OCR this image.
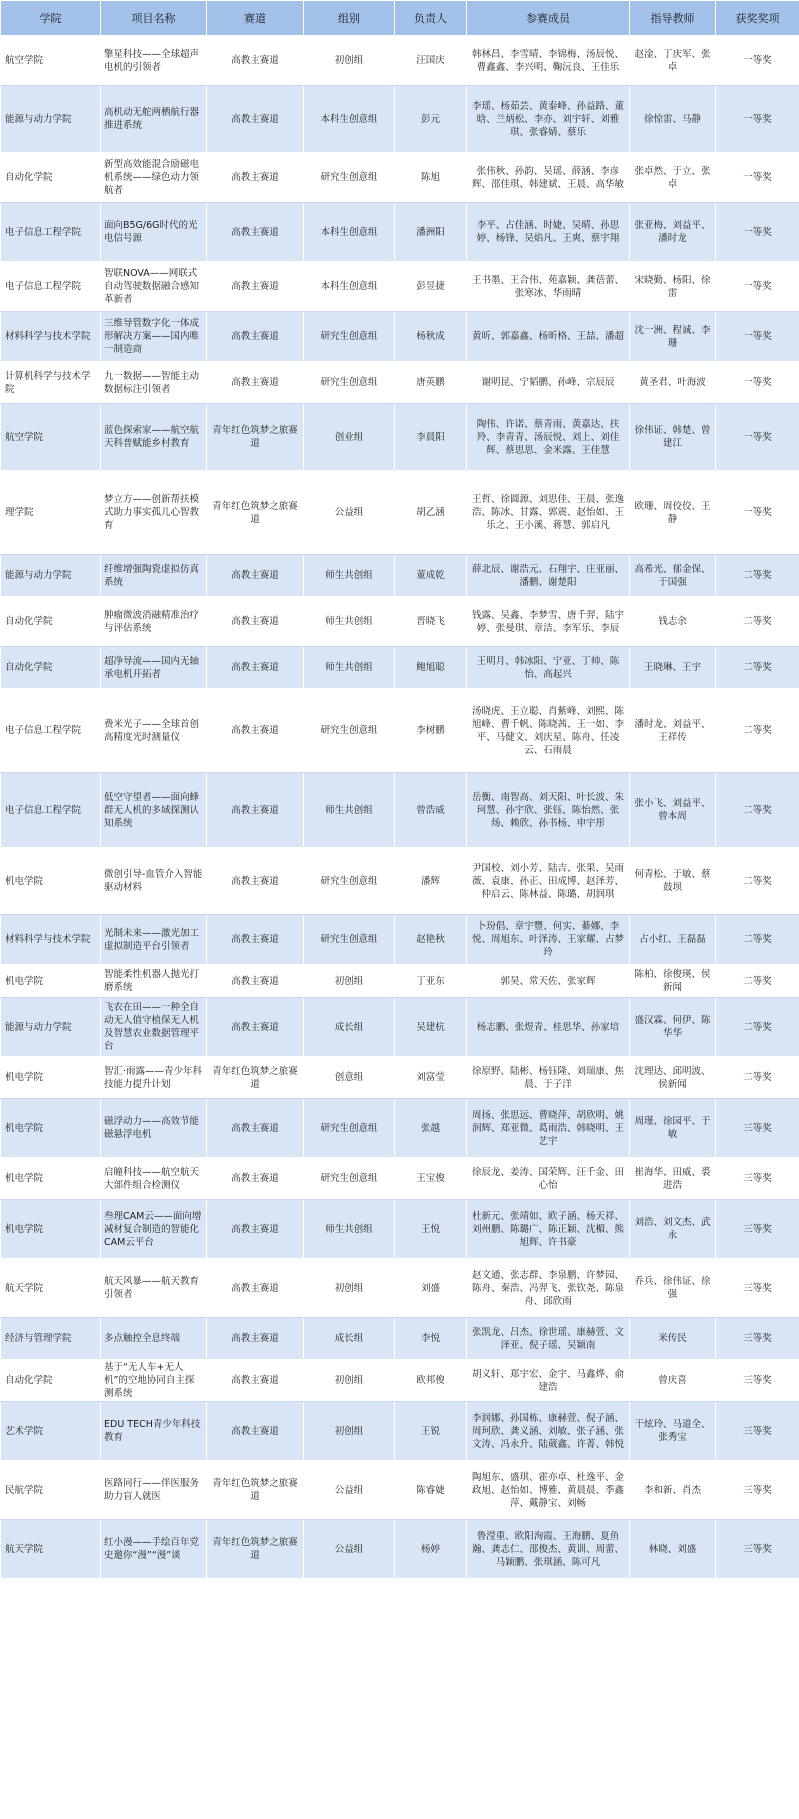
学院	项目名称	赛道	组别	负责人	参赛成员	指导教师	获奖奖项
航空学院	擎星科技——全球超声电机的引领者	高教主赛道	初创组	汪国庆	韩林昌、李雪晴、李锦梅、汤辰悦、曹鑫鑫、李兴明、鞠沅良、王佳乐	赵淦、丁庆军、张卓	一等奖
能源与动力学院	高机动无舵两栖航行器推进系统	高教主赛道	本科生创意组	彭元	李瑶、杨茹芸、黄泰峰、孙益路、董晗、兰炳松、李亦、刘宇轩、刘雅琪、张睿婧、蔡乐	徐惊雷、马静	一等奖
自动化学院	新型高效能混合励磁电机系统——绿色动力领航者	高教主赛道	研究生创意组	陈旭	张伟秋、孙韵、吴瑶、薛涵、李彦辉、邵佳琪、韩建斌、王晨、高华敏	张卓然、于立、张卓	一等奖
电子信息工程学院	面向B5G/6G时代的光电信号源	高教主赛道	本科生创意组	潘洲阳	李平、占佳涵、时婕、吴晴、孙思婷、杨锋、吴焰凡、王爽、蔡宇翔	张亚梅、刘益平、潘时龙	一等奖
电子信息工程学院	智联NOVA——网联式自动驾驶数据融合感知革新者	高教主赛道	本科生创意组	彭昱捷	王书墨、王合伟、苑嘉颖、龚蓓蕾、张寒冰、华雨晴	宋晓勤、杨阳、徐雷	一等奖
材料科学与技术学院	三维导管数字化一体成形解决方案——国内唯一制造商	高教主赛道	研究生创意组	杨秋成	黄昕、郭嘉鑫、杨昕格、王喆、潘超	沈一洲、程诚、李珊	一等奖
计算机科学与技术学院	九一数据——智能主动数据标注引领者	高教主赛道	研究生创意组	唐英鹏	谢明昆、宁韬鹏、孙峰、宗辰辰	黄圣君、叶海波	一等奖
航空学院	蓝色探索家——航空航天科普赋能乡村教育	青年红色筑梦之旅赛道	创业组	李晨阳	陶伟、许诺、蔡青雨、黄嘉达、扶羚、李青青、汤辰悦、刘上、刘佳辉、蔡思思、金米露、王佳慧	徐伟证、韩楚、曾建江	一等奖
理学院	梦立方——创新帮扶模式助力事实孤儿心智教育	青年红色筑梦之旅赛道	公益组	胡乙涵	王哲、徐圆源、刘思佳、王晨、张逸浩、陈冰、甘露、郭震、赵怡如、王乐之、王小溪、蒋慧、郭启凡	欧珊、周佼佼、王静	一等奖
能源与动力学院	纤维增强陶瓷虚拟仿真系统	高教主赛道	师生共创组	董成乾	薛北辰、谢浩元、石翔宇、庄亚丽、潘鹏、谢楚阳	高希光、郁金保、于国强	二等奖
自动化学院	肿瘤微波消融精准治疗与评估系统	高教主赛道	师生共创组	晋晓飞	钱露、吴鑫、李梦雪、唐千羿、陆宇婷、张曼琪、章洁、李军乐、李辰	钱志余	二等奖
自动化学院	超净导流——国内无轴承电机开拓者	高教主赛道	师生共创组	鲍旭聪	王明月、韩冰阳、宁亚、丁帅、陈怡、高起兴	王晓琳、王宇	二等奖
电子信息工程学院	费米光子——全球首创高精度光时测量仪	高教主赛道	研究生创意组	李树鹏	汤晓虎、王立聪、肖紫峰、刘熙、陈旭峰、曹千帆、陈晓茜、王一如、李平、马健文、刘庆星、陈舟、任凌云、石雨晨	潘时龙、刘益平、王祥传	二等奖
电子信息工程学院	低空守望者——面向蜂群无人机的多域探测认知系统	高教主赛道	师生共创组	曾浩威	岳衡、南智高、刘天阳、叶长波、朱珂慧、孙宇欣、张钰、陈怡然、张炀、赖欣、孙书杨、申宇彤	张小飞、刘益平、曾本周	二等奖
机电学院	微创引导-血管介入智能驱动材料	高教主赛道	研究生创意组	潘辉	尹国校、刘小芳、陆吉、张果、吴雨薇、袁康、孙正、田成博、赵泽芳、仲启云、陈林益、陈璐、胡润琪	何青松、于敏、蔡鼓坝	二等奖
材料科学与技术学院	光制未来——激光加工虚拟制造平台引领者	高教主赛道	研究生创意组	赵艳秋	卜玢倡、章宇豐、何实、綦娜、李悦、周旭东、叶泽涛、王家耀、占梦玲	占小红、王磊磊	二等奖
机电学院	智能柔性机器人抛光打磨系统	高教主赛道	初创组	丁亚东	郭昊、常天佐、张家辉	陈柏、徐俊瑛、侯新闻	二等奖
能源与动力学院	飞农在田——一种全自动无人值守植保无人机及智慧农业数据管理平台	高教主赛道	成长组	吴建杭	杨志鹏、张煜青、桂思华、孙家培	盛汉霖、何伊、陈华华	二等奖
机电学院	智汇·雨露——青少年科技能力提升计划	青年红色筑梦之旅赛道	创意组	刘富莹	徐原野、陆彬、杨钰隆、刘瑞康、焦晨、于子洋	沈理达、邱明波、侯新闻	二等奖
机电学院	磁浮动力——高效节能磁悬浮电机	高教主赛道	研究生创意组	张越	周扬、张思远、曹晓萍、胡欣明、姚润辉、郑亚微、葛雨浩、韩晓明、王艺宇	周瑾、徐园平、于敏	三等奖
机电学院	启瞳科技——航空航天大部件组合检测仪	高教主赛道	研究生创意组	王宝俊	徐辰龙、姜涛、国荣辉、汪千金、田心怡	崔海华、田威、裘进浩	三等奖
机电学院	叁理CAM云——面向增减材复合制造的智能化CAM云平台	高教主赛道	师生共创组	王悦	杜新元、张靖如、欧子涵、杨天祥、刘州鹏、陈璐广、陈正颖、沈楣、熊旭辉、许书豪	刘浩、刘文杰、武永	三等奖
航天学院	航天风暴——航天教育引领者	高教主赛道	初创组	刘盛	赵文通、张志群、李泉鹏、许梦园、陈舟、秦浩、冯羿飞、张钦尧、陈泉舟、邱欣雨	乔兵、徐伟证、徐强	三等奖
经济与管理学院	多点触控全息终端	高教主赛道	成长组	李悦	张凯龙、吕杰、徐世瑶、康赫萱、文泽亚、倪子瑶、吴颖南	米传民	三等奖
自动化学院	基于“无人车+无人机”的空地协同自主探测系统	高教主赛道	初创组	欧邦俊	胡义轩、郑宇宏、金宇、马鑫烨、俞建浩	曾庆喜	三等奖
艺术学院	EDU TECH青少年科技教育	高教主赛道	初创组	王锐	李润娜、孙国栋、康赫萱、倪子涵、周珂欣、龚义涵、刘敏、张子涵、张文涛、冯永升、陆葳鑫、许菁、韩悦	干炫玲、马道全、张秀宝	三等奖
民航学院	医路同行——伴医服务助力盲人就医	青年红色筑梦之旅赛道	公益组	陈睿婕	陶旭东、盛琪、霍亦卓、杜逸平、金政旭、赵怡如、博雅、黄晨晨、季鑫萍、戴静宝、刘畅	李和新、肖杰	三等奖
航天学院	红小漫——手绘百年党史邀你“漫”“漫”谈	青年红色筑梦之旅赛道	公益组	杨婷	鲁滢重、欧阳洵霞、王海鹏、夏鱼瀚、龚志仁、邵俊杰、黄训、周蕾、马颖鹏、张琪涵、陈可凡	林晓、刘盛	三等奖
